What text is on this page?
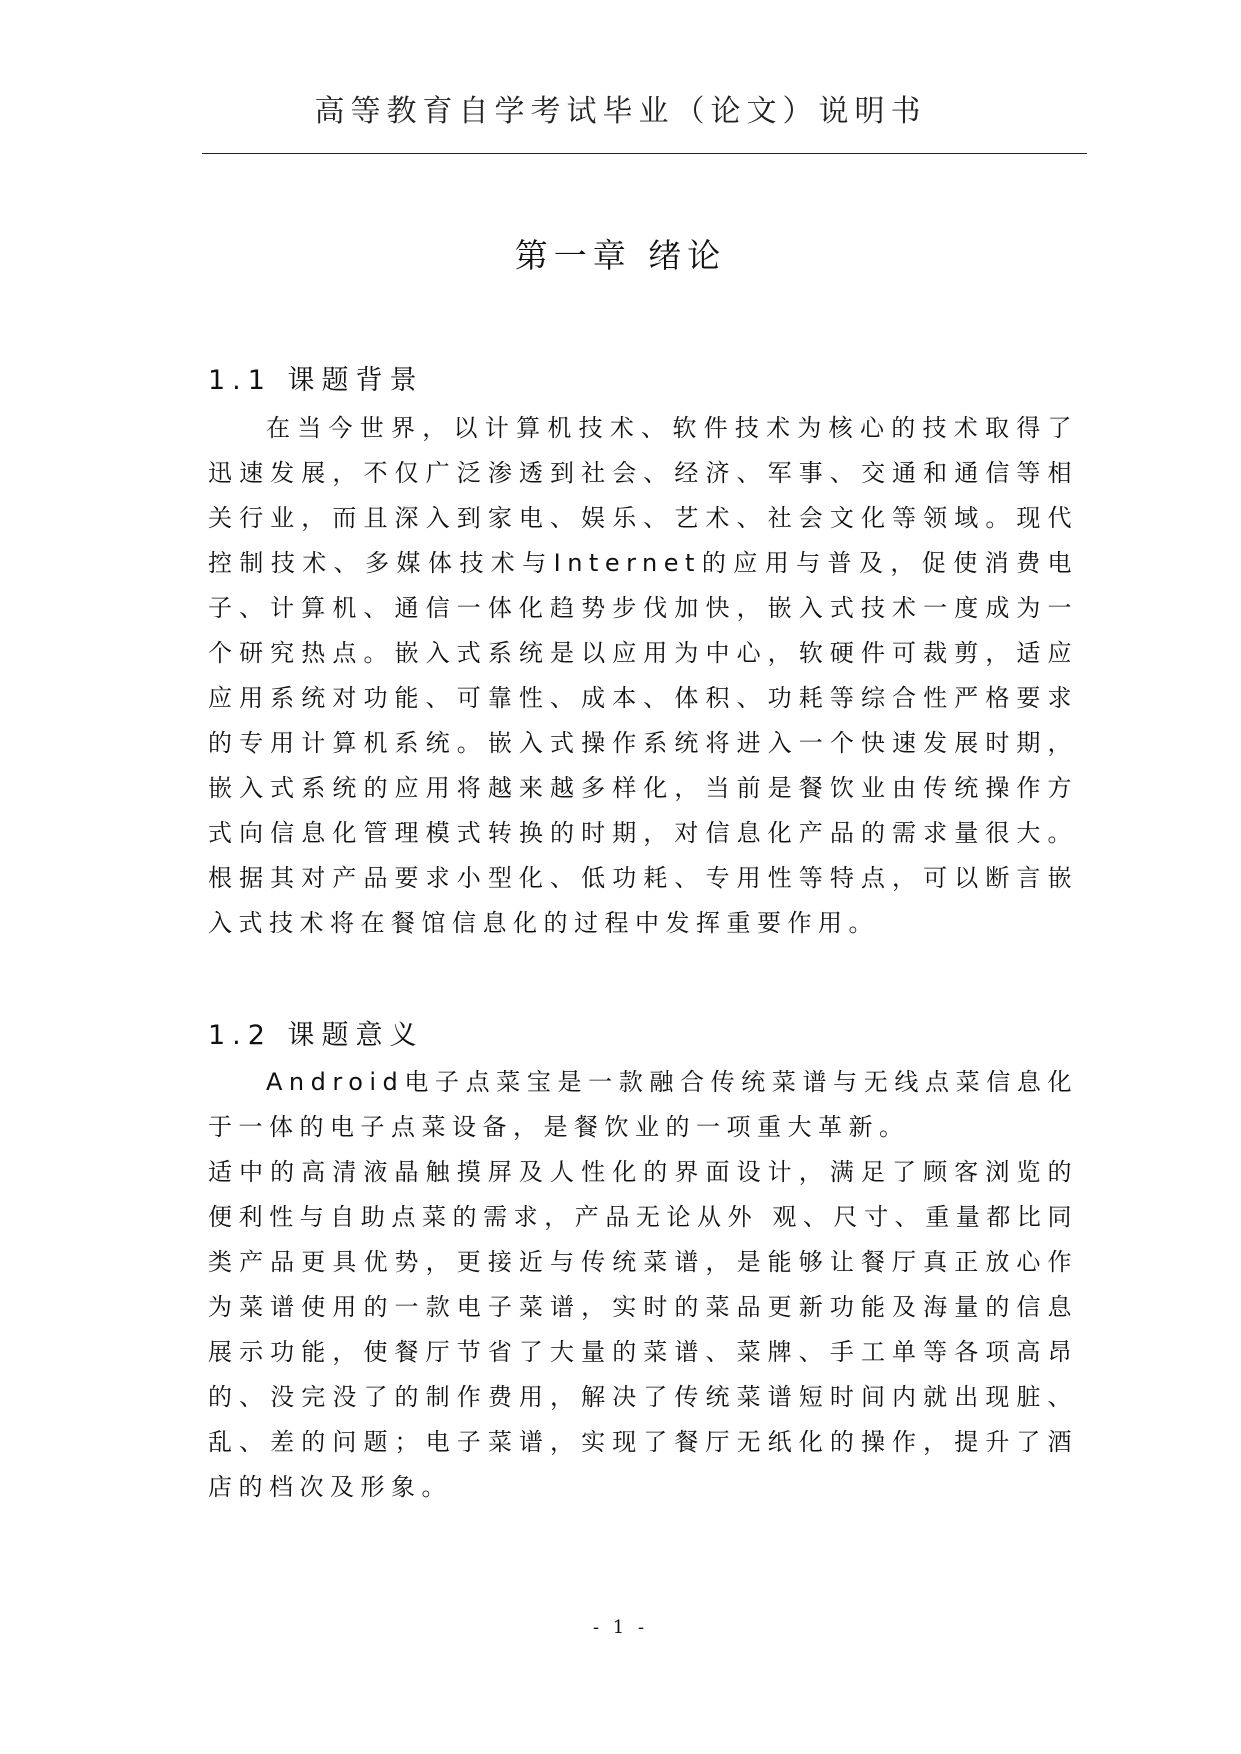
高等教育自学考试毕业（论文）说明书
第一章 绪论
1.1 课题背景

在当今世界，以计算机技术、软件技术为核心的技术取得了迅速发展，不仅广泛渗透到社会、经济、军事、交通和通信等相关行业，而且深入到家电、娱乐、艺术、社会文化等领域。现代控制技术、多媒体技术与Internet的应用与普及，促使消费电子、计算机、通信一体化趋势步伐加快，嵌入式技术一度成为一个研究热点。嵌入式系统是以应用为中心，软硬件可裁剪，适应应用系统对功能、可靠性、成本、体积、功耗等综合性严格要求的专用计算机系统。嵌入式操作系统将进入一个快速发展时期，嵌入式系统的应用将越来越多样化，当前是餐饮业由传统操作方式向信息化管理模式转换的时期，对信息化产品的需求量很大。根据其对产品要求小型化、低功耗、专用性等特点，可以断言嵌入式技术将在餐馆信息化的过程中发挥重要作用。

1.2 课题意义

Android电子点菜宝是一款融合传统菜谱与无线点菜信息化于一体的电子点菜设备，是餐饮业的一项重大革新。

适中的高清液晶触摸屏及人性化的界面设计，满足了顾客浏览的便利性与自助点菜的需求，产品无论从外 观、尺寸、重量都比同类产品更具优势，更接近与传统菜谱，是能够让餐厅真正放心作为菜谱使用的一款电子菜谱，实时的菜品更新功能及海量的信息展示功能，使餐厅节省了大量的菜谱、菜牌、手工单等各项高昂的、没完没了的制作费用，解决了传统菜谱短时间内就出现脏、乱、差的问题；电子菜谱，实现了餐厅无纸化的操作，提升了酒店的档次及形象。

- 1 -
